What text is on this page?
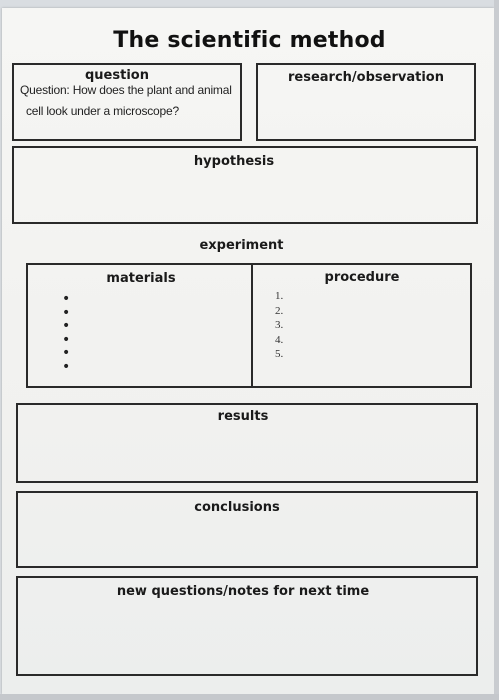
The scientific method
question
Question: How does the plant and animal
cell look under a microscope?
research/observation
hypothesis
experiment
materials	procedure
•
•
•
•
•
•
1.
2.
3.
4.
5.
results
conclusions
new questions/notes for next time
